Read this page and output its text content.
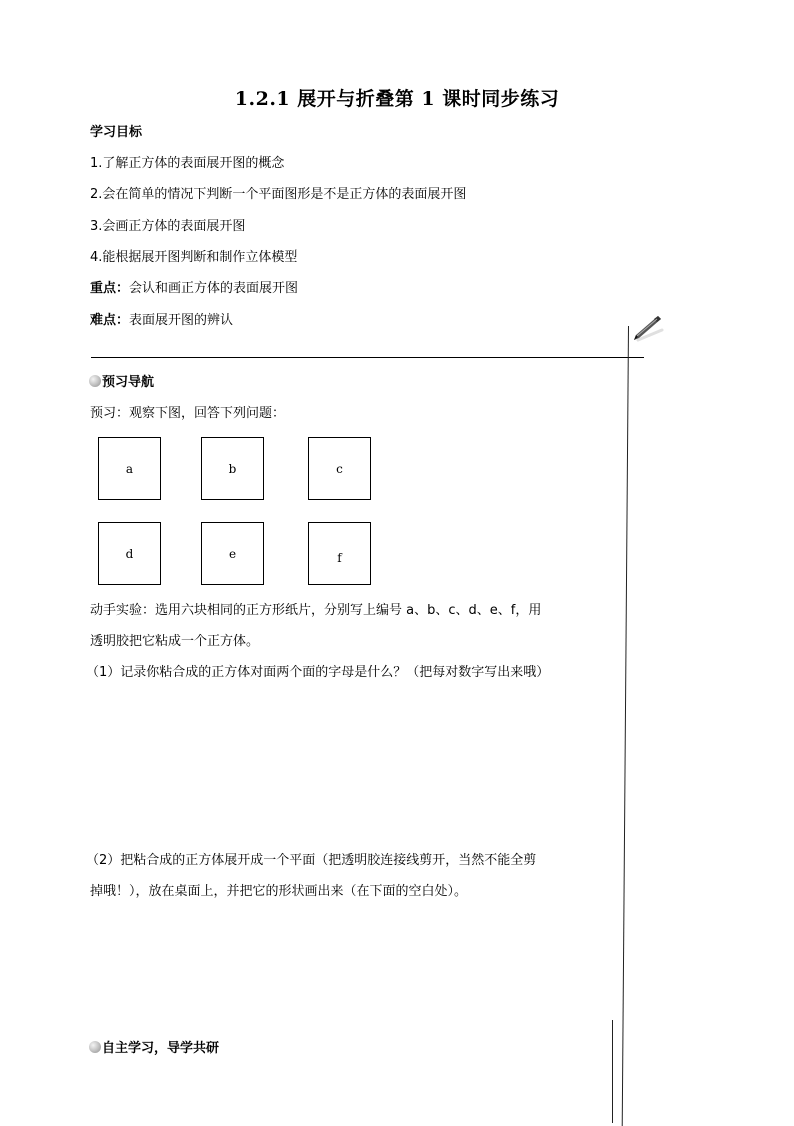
1.2.1 展开与折叠第 1 课时同步练习
学习目标
1.了解正方体的表面展开图的概念
2.会在简单的情况下判断一个平面图形是不是正方体的表面展开图
3.会画正方体的表面展开图
4.能根据展开图判断和制作立体模型
重点：会认和画正方体的表面展开图
难点：表面展开图的辨认
预习导航
预习：观察下图，回答下列问题：
a	b	c
d	e	f
动手实验：选用六块相同的正方形纸片，分别写上编号 a、b、c、d、e、f，用
透明胶把它粘成一个正方体。
（1）记录你粘合成的正方体对面两个面的字母是什么？（把每对数字写出来哦）
（2）把粘合成的正方体展开成一个平面（把透明胶连接线剪开，当然不能全剪
掉哦！），放在桌面上，并把它的形状画出来（在下面的空白处）。
自主学习，导学共研
